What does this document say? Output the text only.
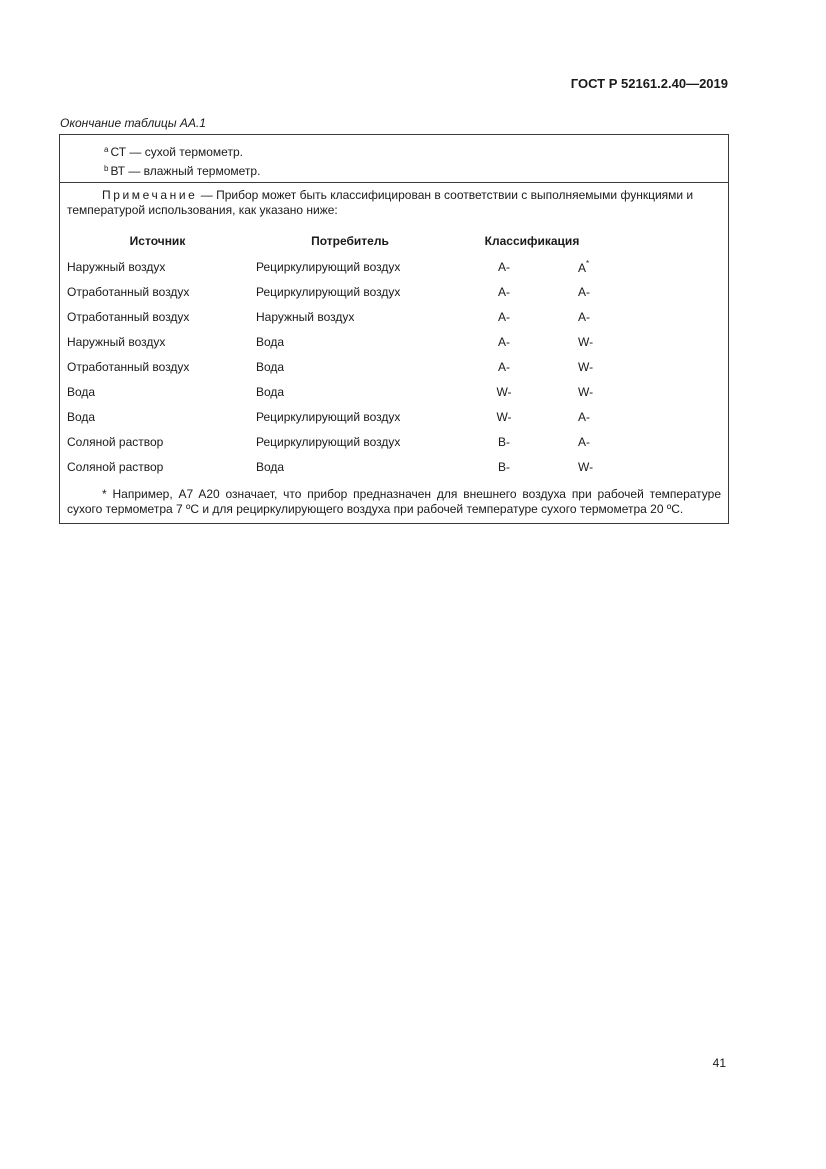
ГОСТ Р 52161.2.40—2019
Окончание таблицы АА.1
$^a$ СТ — сухой термометр.
$^b$ ВТ — влажный термометр.
Примечание — Прибор может быть классифицирован в соответствии с выполняемыми функциями и температурой использования, как указано ниже:
Источник	Потребитель	Классификация	
Наружный воздух	Рециркулирующий воздух	A-	A*
Отработанный воздух	Рециркулирующий воздух	A-	A-
Отработанный воздух	Наружный воздух	A-	A-
Наружный воздух	Вода	A-	W-
Отработанный воздух	Вода	A-	W-
Вода	Вода	W-	W-
Вода	Рециркулирующий воздух	W-	A-
Соляной раствор	Рециркулирующий воздух	B-	A-
Соляной раствор	Вода	B-	W-
* Например, A7 A20 означает, что прибор предназначен для внешнего воздуха при рабочей температуре сухого термометра 7 ºС и для рециркулирующего воздуха при рабочей температуре сухого термометра 20 ºС.
41
